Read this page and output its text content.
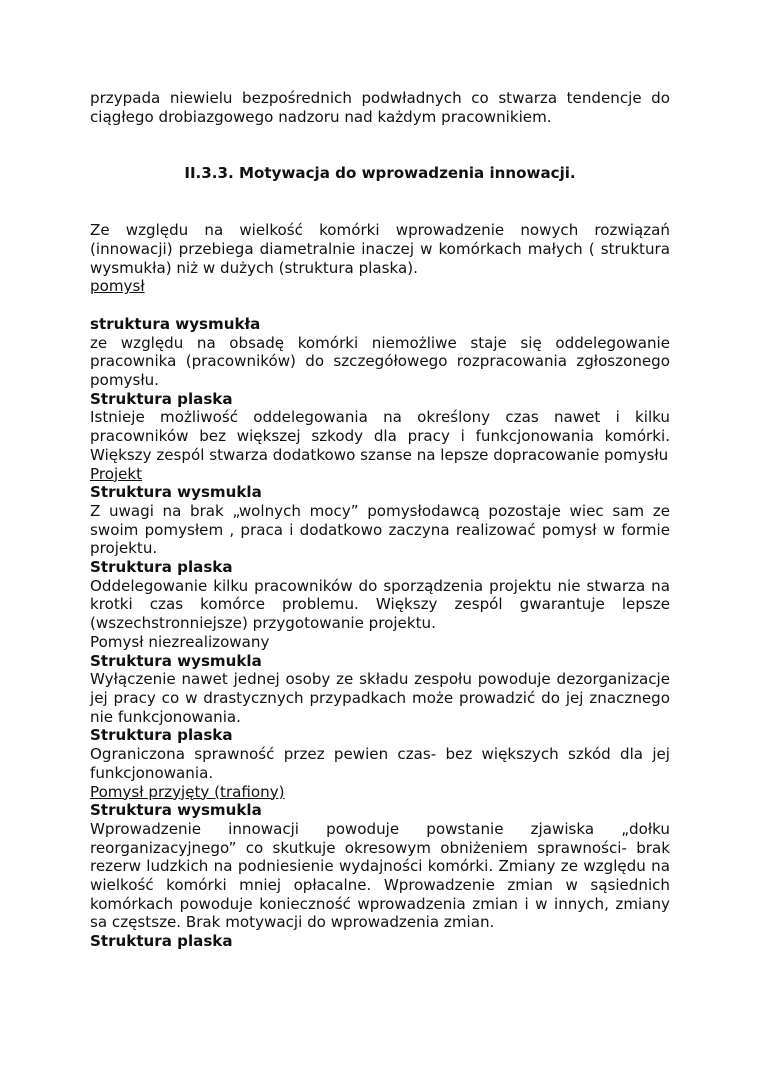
przypada niewielu bezpośrednich podwładnych co stwarza tendencje do ciągłego drobiazgowego nadzoru nad każdym pracownikiem.

II.3.3. Motywacja do wprowadzenia innowacji.

Ze względu na wielkość komórki wprowadzenie nowych rozwiązań (innowacji) przebiega diametralnie inaczej w komórkach małych ( struktura wysmukła) niż w dużych (struktura plaska).

pomysł

struktura wysmukła

ze względu na obsadę komórki niemożliwe staje się oddelegowanie pracownika (pracowników) do szczegółowego rozpracowania zgłoszonego pomysłu.

Struktura plaska

Istnieje możliwość oddelegowania na określony czas nawet i kilku pracowników bez większej szkody dla pracy i funkcjonowania komórki. Większy zespól stwarza dodatkowo szanse na lepsze dopracowanie pomysłu

Projekt

Struktura wysmukla

Z uwagi na brak „wolnych mocy” pomysłodawcą pozostaje wiec sam ze swoim pomysłem , praca i dodatkowo zaczyna realizować pomysł w formie projektu.

Struktura plaska

Oddelegowanie kilku pracowników do sporządzenia projektu nie stwarza na krotki czas komórce problemu. Większy zespól gwarantuje lepsze (wszechstronniejsze) przygotowanie projektu.

Pomysł niezrealizowany

Struktura wysmukla

Wyłączenie nawet jednej osoby ze składu zespołu powoduje dezorganizacje jej pracy co w drastycznych przypadkach może prowadzić do jej znacznego nie funkcjonowania.

Struktura plaska

Ograniczona sprawność przez pewien czas- bez większych szkód dla jej funkcjonowania.

Pomysł przyjęty (trafiony)

Struktura wysmukla

Wprowadzenie innowacji powoduje powstanie zjawiska „dołku reorganizacyjnego” co skutkuje okresowym obniżeniem sprawności- brak rezerw ludzkich na podniesienie wydajności komórki. Zmiany ze względu na wielkość komórki mniej opłacalne. Wprowadzenie zmian w sąsiednich komórkach powoduje konieczność wprowadzenia zmian i w innych, zmiany sa częstsze. Brak motywacji do wprowadzenia zmian.

Struktura plaska
